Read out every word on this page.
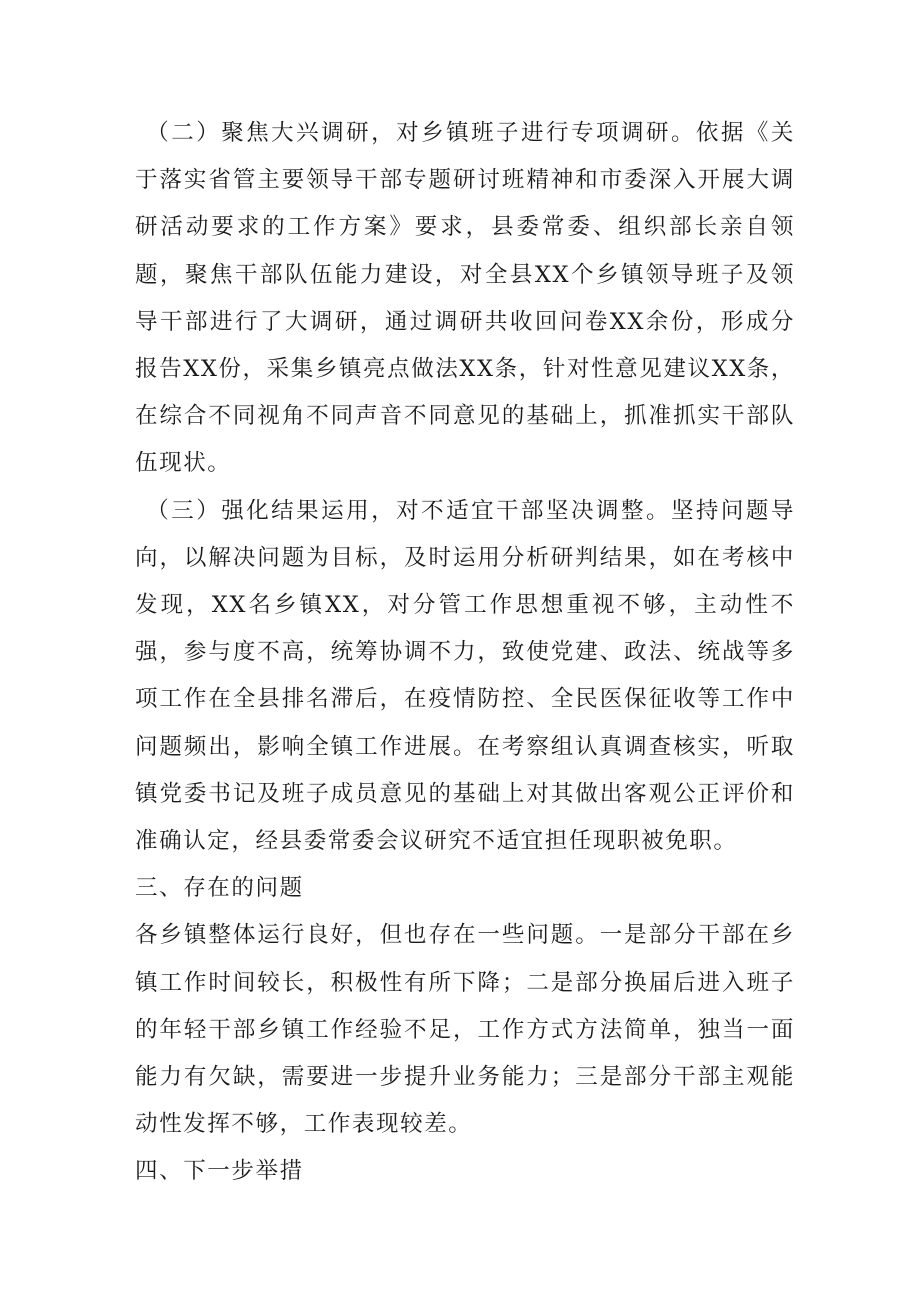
（二）聚焦大兴调研，对乡镇班子进行专项调研。依据《关于落实省管主要领导干部专题研讨班精神和市委深入开展大调研活动要求的工作方案》要求，县委常委、组织部长亲自领题，聚焦干部队伍能力建设，对全县XX个乡镇领导班子及领导干部进行了大调研，通过调研共收回问卷XX余份，形成分报告XX份，采集乡镇亮点做法XX条，针对性意见建议XX条，在综合不同视角不同声音不同意见的基础上，抓准抓实干部队伍现状。

（三）强化结果运用，对不适宜干部坚决调整。坚持问题导向，以解决问题为目标，及时运用分析研判结果，如在考核中发现，XX名乡镇XX，对分管工作思想重视不够，主动性不强，参与度不高，统筹协调不力，致使党建、政法、统战等多项工作在全县排名滞后，在疫情防控、全民医保征收等工作中问题频出，影响全镇工作进展。在考察组认真调查核实，听取镇党委书记及班子成员意见的基础上对其做出客观公正评价和准确认定，经县委常委会议研究不适宜担任现职被免职。

三、存在的问题

各乡镇整体运行良好，但也存在一些问题。一是部分干部在乡镇工作时间较长，积极性有所下降；二是部分换届后进入班子的年轻干部乡镇工作经验不足，工作方式方法简单，独当一面能力有欠缺，需要进一步提升业务能力；三是部分干部主观能动性发挥不够，工作表现较差。

四、下一步举措
